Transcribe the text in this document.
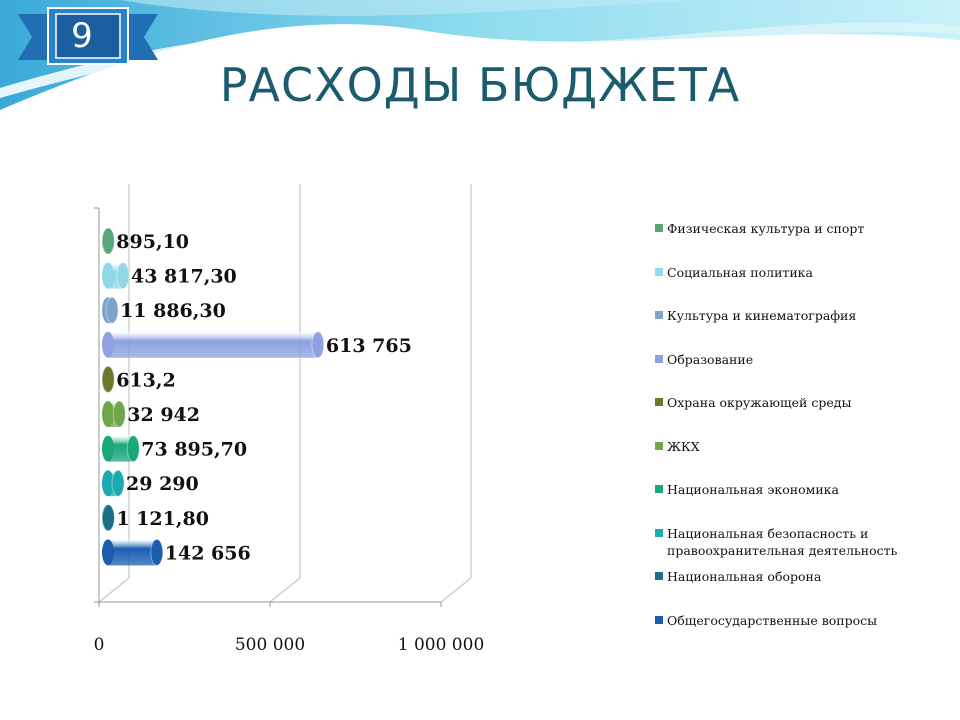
9
РАСХОДЫ БЮДЖЕТА
895,10
43 817,30
11 886,30
613 765
613,2
32 942
73 895,70
29 290
1 121,80
142 656
0	500 000	1 000 000
Физическая культура и спорт
Социальная политика
Культура и кинематография
Образование
Охрана окружающей среды
ЖКХ
Национальная экономика
Национальная безопасность и правоохранительная деятельность
Национальная оборона
Общегосударственные вопросы
